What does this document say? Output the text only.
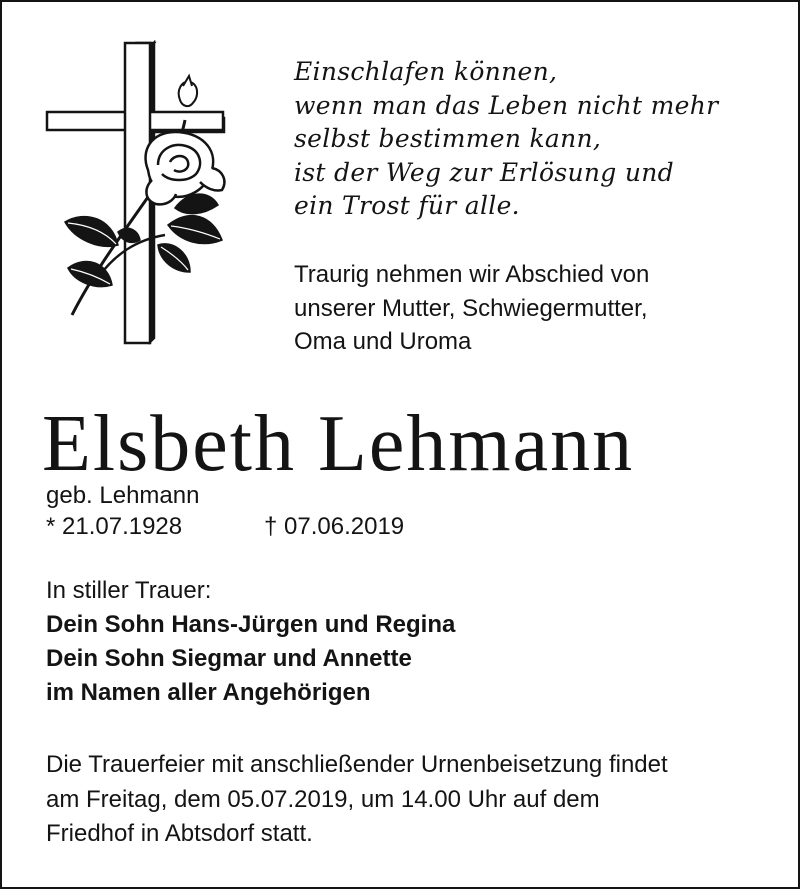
Einschlafen können,
wenn man das Leben nicht mehr
selbst bestimmen kann,
ist der Weg zur Erlösung und
ein Trost für alle.
Traurig nehmen wir Abschied von
unserer Mutter, Schwiegermutter,
Oma und Uroma
Elsbeth Lehmann
geb. Lehmann
* 21.07.1928	† 07.06.2019
In stiller Trauer:
Dein Sohn Hans-Jürgen und Regina
Dein Sohn Siegmar und Annette
im Namen aller Angehörigen
Die Trauerfeier mit anschließender Urnenbeisetzung findet
am Freitag, dem 05.07.2019, um 14.00 Uhr auf dem
Friedhof in Abtsdorf statt.
